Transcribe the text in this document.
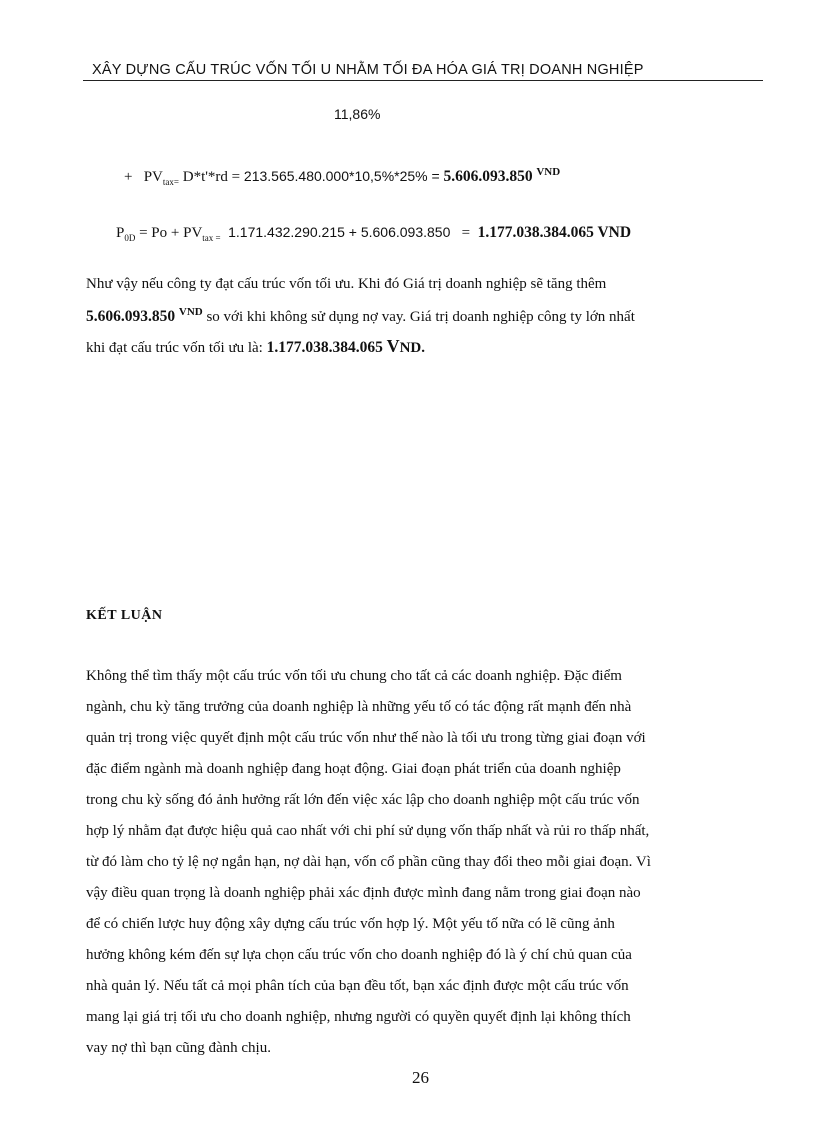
XÂY DỰNG CẤU TRÚC VỐN TỐI U NHẰM TỐI ĐA HÓA GIÁ TRỊ DOANH NGHIỆP
11,86%
+ $PV_{tax=}$ D*t'*rd = 213.565.480.000*10,5%*25% = 5.606.093.850 $^{VND}$
$P_{0D} = Po + PV_{tax =}$ 1.171.432.290.215 + 5.606.093.850 = 1.177.038.384.065 VND
Như vậy nếu công ty đạt cấu trúc vốn tối ưu. Khi đó Giá trị doanh nghiệp sẽ tăng thêm
5.606.093.850 $^{VND}$ so với khi không sử dụng nợ vay. Giá trị doanh nghiệp công ty lớn nhất
khi đạt cấu trúc vốn tối ưu là: 1.177.038.384.065 VND.
KẾT LUẬN
Không thể tìm thấy một cấu trúc vốn tối ưu chung cho tất cả các doanh nghiệp. Đặc điểm
ngành, chu kỳ tăng trưởng của doanh nghiệp là những yếu tố có tác động rất mạnh đến nhà
quản trị trong việc quyết định một cấu trúc vốn như thế nào là tối ưu trong từng giai đoạn với
đặc điểm ngành mà doanh nghiệp đang hoạt động. Giai đoạn phát triển của doanh nghiệp
trong chu kỳ sống đó ảnh hưởng rất lớn đến việc xác lập cho doanh nghiệp một cấu trúc vốn
hợp lý nhằm đạt được hiệu quả cao nhất với chi phí sử dụng vốn thấp nhất và rủi ro thấp nhất,
từ đó làm cho tỷ lệ nợ ngắn hạn, nợ dài hạn, vốn cổ phần cũng thay đổi theo mỗi giai đoạn. Vì
vậy điều quan trọng là doanh nghiệp phải xác định được mình đang nằm trong giai đoạn nào
để có chiến lược huy động xây dựng cấu trúc vốn hợp lý. Một yếu tố nữa có lẽ cũng ảnh
hưởng không kém đến sự lựa chọn cấu trúc vốn cho doanh nghiệp đó là ý chí chủ quan của
nhà quản lý. Nếu tất cả mọi phân tích của bạn đều tốt, bạn xác định được một cấu trúc vốn
mang lại giá trị tối ưu cho doanh nghiệp, nhưng người có quyền quyết định lại không thích
vay nợ thì bạn cũng đành chịu.
26
